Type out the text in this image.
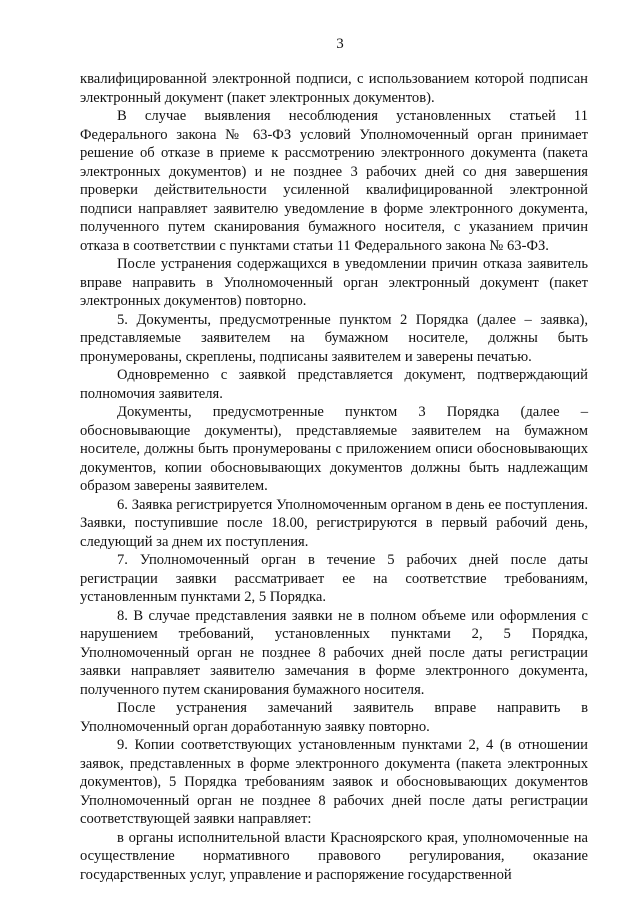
3

квалифицированной электронной подписи, с использованием которой подписан электронный документ (пакет электронных документов).

В случае выявления несоблюдения установленных статьей 11 Федерального закона № 63-ФЗ условий Уполномоченный орган принимает решение об отказе в приеме к рассмотрению электронного документа (пакета электронных документов) и не позднее 3 рабочих дней со дня завершения проверки действительности усиленной квалифицированной электронной подписи направляет заявителю уведомление в форме электронного документа, полученного путем сканирования бумажного носителя, с указанием причин отказа в соответствии с пунктами статьи 11 Федерального закона № 63-ФЗ.

После устранения содержащихся в уведомлении причин отказа заявитель вправе направить в Уполномоченный орган электронный документ (пакет электронных документов) повторно.

5. Документы, предусмотренные пунктом 2 Порядка (далее – заявка), представляемые заявителем на бумажном носителе, должны быть пронумерованы, скреплены, подписаны заявителем и заверены печатью.

Одновременно с заявкой представляется документ, подтверждающий полномочия заявителя.

Документы, предусмотренные пунктом 3 Порядка (далее – обосновывающие документы), представляемые заявителем на бумажном носителе, должны быть пронумерованы с приложением описи обосновывающих документов, копии обосновывающих документов должны быть надлежащим образом заверены заявителем.

6. Заявка регистрируется Уполномоченным органом в день ее поступления. Заявки, поступившие после 18.00, регистрируются в первый рабочий день, следующий за днем их поступления.

7. Уполномоченный орган в течение 5 рабочих дней после даты регистрации заявки рассматривает ее на соответствие требованиям, установленным пунктами 2, 5 Порядка.

8. В случае представления заявки не в полном объеме или оформления с нарушением требований, установленных пунктами 2, 5 Порядка, Уполномоченный орган не позднее 8 рабочих дней после даты регистрации заявки направляет заявителю замечания в форме электронного документа, полученного путем сканирования бумажного носителя.

После устранения замечаний заявитель вправе направить в Уполномоченный орган доработанную заявку повторно.

9. Копии соответствующих установленным пунктами 2, 4 (в отношении заявок, представленных в форме электронного документа (пакета электронных документов), 5 Порядка требованиям заявок и обосновывающих документов Уполномоченный орган не позднее 8 рабочих дней после даты регистрации соответствующей заявки направляет:

в органы исполнительной власти Красноярского края, уполномоченные на осуществление нормативного правового регулирования, оказание государственных услуг, управление и распоряжение государственной
